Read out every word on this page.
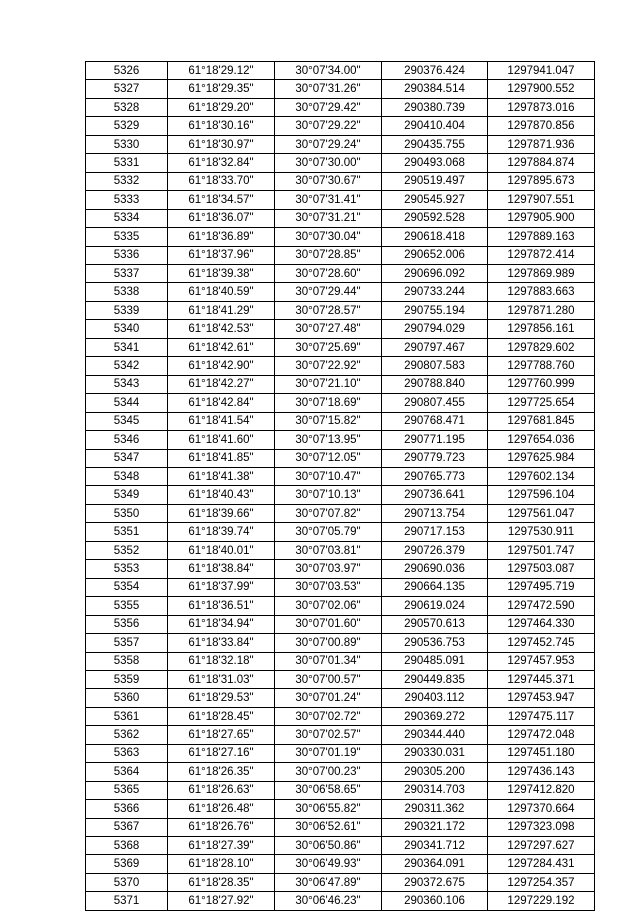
5326	61°18'29.12"	30°07'34.00"	290376.424	1297941.047
5327	61°18'29.35"	30°07'31.26"	290384.514	1297900.552
5328	61°18'29.20"	30°07'29.42"	290380.739	1297873.016
5329	61°18'30.16"	30°07'29.22"	290410.404	1297870.856
5330	61°18'30.97"	30°07'29.24"	290435.755	1297871.936
5331	61°18'32.84"	30°07'30.00"	290493.068	1297884.874
5332	61°18'33.70"	30°07'30.67"	290519.497	1297895.673
5333	61°18'34.57"	30°07'31.41"	290545.927	1297907.551
5334	61°18'36.07"	30°07'31.21"	290592.528	1297905.900
5335	61°18'36.89"	30°07'30.04"	290618.418	1297889.163
5336	61°18'37.96"	30°07'28.85"	290652.006	1297872.414
5337	61°18'39.38"	30°07'28.60"	290696.092	1297869.989
5338	61°18'40.59"	30°07'29.44"	290733.244	1297883.663
5339	61°18'41.29"	30°07'28.57"	290755.194	1297871.280
5340	61°18'42.53"	30°07'27.48"	290794.029	1297856.161
5341	61°18'42.61"	30°07'25.69"	290797.467	1297829.602
5342	61°18'42.90"	30°07'22.92"	290807.583	1297788.760
5343	61°18'42.27"	30°07'21.10"	290788.840	1297760.999
5344	61°18'42.84"	30°07'18.69"	290807.455	1297725.654
5345	61°18'41.54"	30°07'15.82"	290768.471	1297681.845
5346	61°18'41.60"	30°07'13.95"	290771.195	1297654.036
5347	61°18'41.85"	30°07'12.05"	290779.723	1297625.984
5348	61°18'41.38"	30°07'10.47"	290765.773	1297602.134
5349	61°18'40.43"	30°07'10.13"	290736.641	1297596.104
5350	61°18'39.66"	30°07'07.82"	290713.754	1297561.047
5351	61°18'39.74"	30°07'05.79"	290717.153	1297530.911
5352	61°18'40.01"	30°07'03.81"	290726.379	1297501.747
5353	61°18'38.84"	30°07'03.97"	290690.036	1297503.087
5354	61°18'37.99"	30°07'03.53"	290664.135	1297495.719
5355	61°18'36.51"	30°07'02.06"	290619.024	1297472.590
5356	61°18'34.94"	30°07'01.60"	290570.613	1297464.330
5357	61°18'33.84"	30°07'00.89"	290536.753	1297452.745
5358	61°18'32.18"	30°07'01.34"	290485.091	1297457.953
5359	61°18'31.03"	30°07'00.57"	290449.835	1297445.371
5360	61°18'29.53"	30°07'01.24"	290403.112	1297453.947
5361	61°18'28.45"	30°07'02.72"	290369.272	1297475.117
5362	61°18'27.65"	30°07'02.57"	290344.440	1297472.048
5363	61°18'27.16"	30°07'01.19"	290330.031	1297451.180
5364	61°18'26.35"	30°07'00.23"	290305.200	1297436.143
5365	61°18'26.63"	30°06'58.65"	290314.703	1297412.820
5366	61°18'26.48"	30°06'55.82"	290311.362	1297370.664
5367	61°18'26.76"	30°06'52.61"	290321.172	1297323.098
5368	61°18'27.39"	30°06'50.86"	290341.712	1297297.627
5369	61°18'28.10"	30°06'49.93"	290364.091	1297284.431
5370	61°18'28.35"	30°06'47.89"	290372.675	1297254.357
5371	61°18'27.92"	30°06'46.23"	290360.106	1297229.192
